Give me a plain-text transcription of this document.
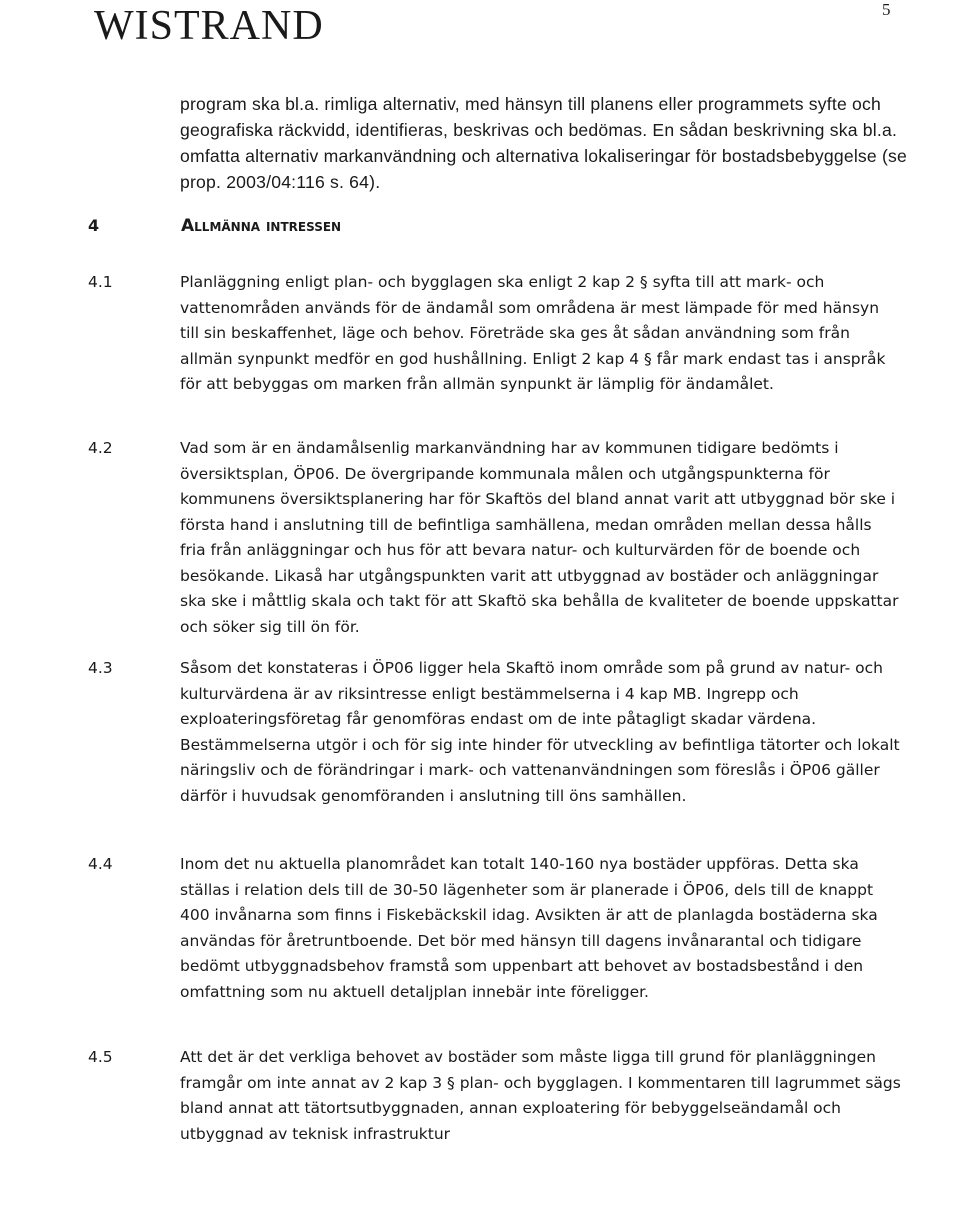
WISTRAND	5

program ska bl.a. rimliga alternativ, med hänsyn till planens eller programmets syfte och geografiska räckvidd, identifieras, beskrivas och bedömas. En sådan beskrivning ska bl.a. omfatta alternativ markanvändning och alternativa lokaliseringar för bostadsbebyggelse (se prop. 2003/04:116 s. 64).

4	Allmänna intressen
4.1	Planläggning enligt plan- och bygglagen ska enligt 2 kap 2 § syfta till att mark- och vattenområden används för de ändamål som områdena är mest lämpade för med hänsyn till sin beskaffenhet, läge och behov. Företräde ska ges åt sådan användning som från allmän synpunkt medför en god hushållning. Enligt 2 kap 4 § får mark endast tas i anspråk för att bebyggas om marken från allmän synpunkt är lämplig för ändamålet.

4.2	Vad som är en ändamålsenlig markanvändning har av kommunen tidigare bedömts i översiktsplan, ÖP06. De övergripande kommunala målen och utgångspunkterna för kommunens översiktsplanering har för Skaftös del bland annat varit att utbyggnad bör ske i första hand i anslutning till de befintliga samhällena, medan områden mellan dessa hålls fria från anläggningar och hus för att bevara natur- och kulturvärden för de boende och besökande. Likaså har utgångspunkten varit att utbyggnad av bostäder och anläggningar ska ske i måttlig skala och takt för att Skaftö ska behålla de kvaliteter de boende uppskattar och söker sig till ön för.

4.3	Såsom det konstateras i ÖP06 ligger hela Skaftö inom område som på grund av natur- och kulturvärdena är av riksintresse enligt bestämmelserna i 4 kap MB. Ingrepp och exploateringsföretag får genomföras endast om de inte påtagligt skadar värdena. Bestämmelserna utgör i och för sig inte hinder för utveckling av befintliga tätorter och lokalt näringsliv och de förändringar i mark- och vattenanvändningen som föreslås i ÖP06 gäller därför i huvudsak genomföranden i anslutning till öns samhällen.

4.4	Inom det nu aktuella planområdet kan totalt 140-160 nya bostäder uppföras. Detta ska ställas i relation dels till de 30-50 lägenheter som är planerade i ÖP06, dels till de knappt 400 invånarna som finns i Fiskebäckskil idag. Avsikten är att de planlagda bostäderna ska användas för åretruntboende. Det bör med hänsyn till dagens invånarantal och tidigare bedömt utbyggnadsbehov framstå som uppenbart att behovet av bostadsbestånd i den omfattning som nu aktuell detaljplan innebär inte föreligger.

4.5	Att det är det verkliga behovet av bostäder som måste ligga till grund för planläggningen framgår om inte annat av 2 kap 3 § plan- och bygglagen. I kommentaren till lagrummet sägs bland annat att tätortsutbyggnaden, annan exploatering för bebyggelseändamål och utbyggnad av teknisk infrastruktur
